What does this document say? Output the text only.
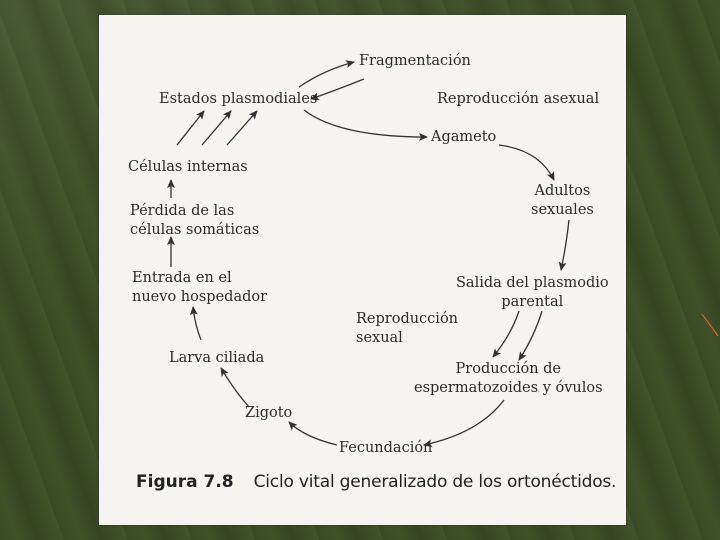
Fragmentación
Estados plasmodiales	Reproducción asexual
Agameto
Células internas
Adultos
sexuales
Pérdida de las
células somáticas
Entrada en el
nuevo hospedador
Salida del plasmodio
parental
Reproducción
sexual
Larva ciliada
Producción de
espermatozoides y óvulos
Zigoto
Fecundación
Figura 7.8 Ciclo vital generalizado de los ortonéctidos.
